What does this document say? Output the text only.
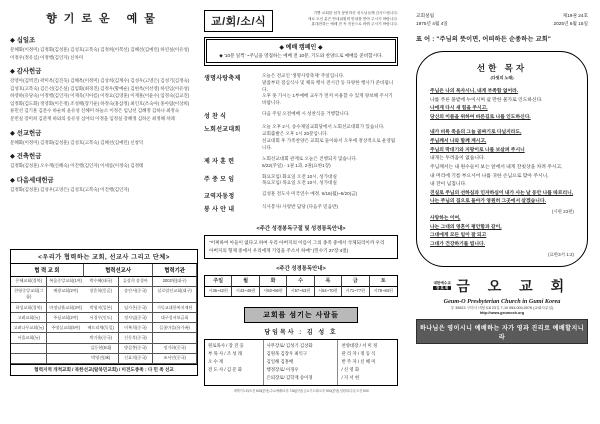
향기로운 예물
◆ 십일조
문혜화(이정미) 김정화(김성훈) 김성호(고복숙) 김정희(이복선) 김혜선(김예린) 하연실(이유성)
이정우(정유심) 이정행(김인자) 신차미
◆ 감사헌금
강영아(김벽진) 곽미옥(김진욱) 김혜옥(이정미) 김상희(김계수) 김성우(고영은) 김성기(김정숙)
김성호(고복숙) 김은선(김은실) 김임화(최경진) 김정우(황예순) 김현옥(이선영) 하연임(이유성)
하영하(유당숙) 이정행(김인자) 이재욱(지아름) 이정요(김영훈) 이재훈(이윤수) 임정숙(김교진)
임정화(김도화) 정영화(이은정) 조성해(장기운) 하정숙(홍삼정) 최인호(조숙아) 홍아람(이상희)
류민선 김기훈 김문수 하순희 윤유성 신혜미 하늘소 이정은 임남선 김혜정 김하나 최정숙
문빈실 장미희 김분재 하와의 송유성 심야의 이정을 임정실 강혜정 김하온 최정해 차례
◆ 선교헌금
문혜화(이정미) 김정화(김성훈) 김성호(고복숙) 김혜선(김예린) 신창덕
◆ 건축헌금
김정화(김성훈) 오수재(신혜숙) 이진행(김인자) 이세롬(이정숙) 김정태
◆ 다음세대헌금
김정화(김성훈) 김성우(고영은) 김성호(고복숙) 이진행(김인자)
<우리가 협력하는 교회, 선교사 그리고 단체>
협 력 교 회	협력선교사	협력기관
은혜교회(경북)	복음중앙교회(1여)	박수혜(태국)	류상희 송경아	2002원(대구)
한영중앙교회(그룹)
배광교회(2여)	장흔학(몽골)	송안서(중국)	실로암선교회(대구)
하성교회(경북)	마정남율교회(3여)	박형지(일본)	임가온(중국)	기독교대한복지재단
고려교회(뉴)	주심교회(2여)	서경우(인도)	정사임(중국)	대구성서보급회
고려나무교회(뉴)	주명실교회(5여)	배드리체(독일)	이복희(중국)	들꽃마을(유가족)
서울교회(뉴)	박기율(중국)	신동후(중국)
김동현(5대)	방갑봉(중국)	정기하(중국)
박영진(4k)	신효희(중국)	조서인(중국)
협력지역 개척교회 / 북한선교(탈북민교회) / 미전도종족 : 다 민 족 선교
교/회/소/식
기쁨 교회를 섬겨 봉헌하신 성도님들께 감사드립니다.
새로 오신 분은 안내위원의 안내를 받아 주시기 바랍니다.
휴대전화는 예배 전 꼭 진동으로 바꿔 주시기 바랍니다.
◆ 예배 캠페인 ◆
◆ '10분 일찍' ~주님을 영접하는 예배 전 10분, 기도와 찬양으로 예배를 준비합시다.
생명사랑축제
오늘은 전교인 '생명사랑축제' 주일입니다.
말씀부터 점심식사 및 체육 행사 전시간 등 다양한 행사가 준비됩니다.
오후 못 가시는 1부예배 교우가 먼저 이용할 수 있게 양보해 주시기 바랍니다.
성 찬 식
다음 주일 오전예배 시 성찬식을 거행합니다.
노회선교대회
오늘 오후 2시, 송수제일교회당에서 노회선교대회가 있습니다.
교회출발은 오후 1시 20분입니다.
선교대회 후 가족찬양은 교회로 돌아와서 오후에 정상적으로 운영됩니다.
제 자 훈 련
노회선교대회 관계로 오늘은 진행되지 않습니다.
6/22(주일) - 1권 1과, 2권(요한1장)
주 중 모 임
화요모임/ 화요일 오전 10시, 성가대실
목요모임/ 목요일 오전 10시, 성가대실
교역자동정
김성훈 전도사 미국연수 예정. 6/16(월)~6/20(금)
봉 사 안 내
식사봉사/ 사랑반 담당 (다음주 믿음반)
<주간 성경봉독구절 및 성경통독안내>
"어찌하여 아들이 없다고 하여 우리 아버지의 이름이 그의 종족 중에서 삭제되리이까 우리
아버지의 형제 중에서 우리에게 기업을 주소서 하매" (민수기 27장 4절)
<주간 성경통독안내>
주일	월	화	수	목	금	토
시36~42편	시43~49편	시50~56편	시57~63편	시64~70편	시71~77편	시78~84편
교회를 섬기는 사람들
담임목사 : 김 성 호
원로목사 / 장 진 웅
부 목 사 / 조 성 래
오 수 재
전 도 사 / 김 문 화
사무장로/ 김성기 김상화
김원목 김장우 최익구
김일해 김홍배
행정장로/ 이경우
은퇴장로/ 김학재 송이경
찬양대장 / 서 미 정
관 리 자 / 정 동 식
반 주 자 / 신 혜 미
/ 신 영 화
/ 지 서 현
새벽기도회/오전 5:00(본당) 수요예배/오후 7:30(본당) 금요기도회/오후 9:00(본당) 임원회/주일 오전 9:00
교회설립
1975년 4월 4일
제19권 24호
2025년 6월 15일
표 어 : "주님의 뜻이면, 어떠하든 순종하는 교회"
선한 목자
(다윗의 노래)
주님은 나의 목자시니, 내게 부족함 없어라.
나를 푸른 풀밭에 누이시며 쉴 만한 물가로 인도하신다.
나에게 다시 새 힘을 주시고,
당신의 이름을 위하여 바른길로 나를 인도하신다.
내가 비록 죽음의 그늘 골짜기로 다닐지라도,
주님께서 나와 함께 계시고,
주님의 막대기와 지팡이로 나를 보살펴 주시니
내게는 두려움이 없습니다.
주님께서는 내 원수들이 보는 앞에서 내게 잔칫상을 차려 주시고,
내 머리에 기름 부으시어 나를 귀한 손님으로 맞아 주시니,
내 잔이 넘칩니다.
진실로 주님의 선하심과 인자하심이 내가 사는 날 동안 나를 따르리니,
나는 주님의 집으로 돌아가 영원히 그곳에서 살겠습니다.
(시편 23편)
사랑하는 이여,
나는 그대의 영혼이 평안함과 같이,
그대에게 모든 일이 잘 되고
그대가 건강하기를 빕니다.
(요한3서 1:2)
대한예수교
장 로 회 금 오 교 회
Geum-O Presbyterian Church in Gumi Korea
우 39823 구미시 비봉로8 23길 7-10 054-000-0076 (교회사무실)
http://www.geumoch.org
하나님은 영이시니 예배하는 자가 영과 진리로 예배할지니라
